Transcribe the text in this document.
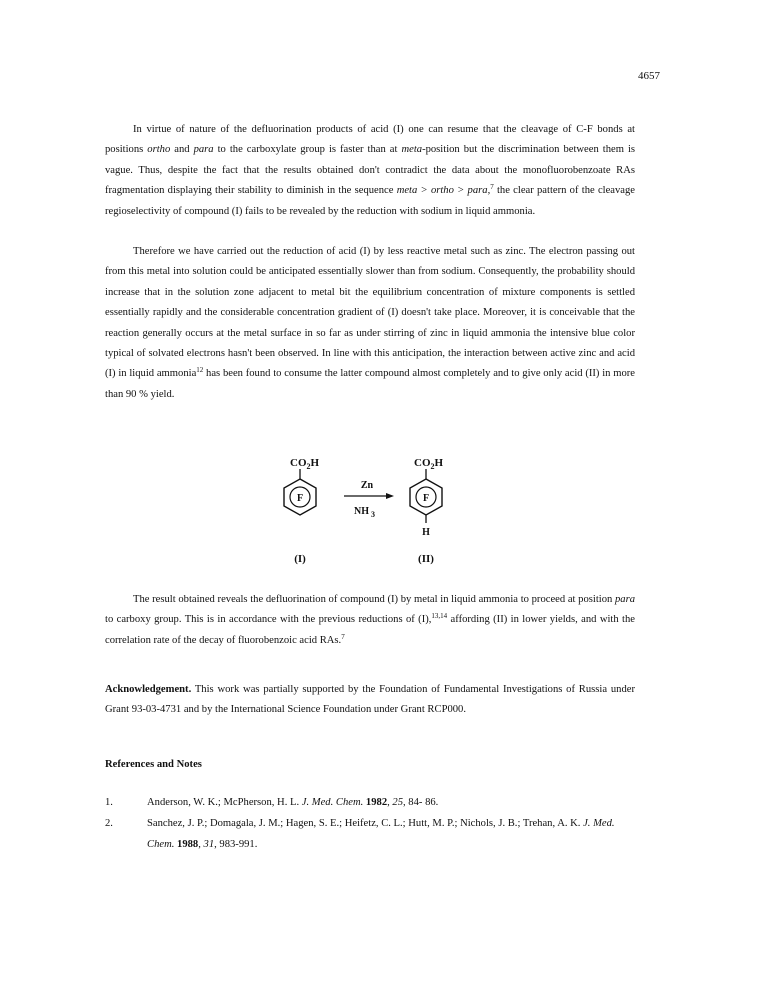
4657

In virtue of nature of the defluorination products of acid (I) one can resume that the cleavage of C-F bonds at positions ortho and para to the carboxylate group is faster than at meta-position but the discrimination between them is vague. Thus, despite the fact that the results obtained don't contradict the data about the monofluorobenzoate RAs fragmentation displaying their stability to diminish in the sequence meta > ortho > para,$^7$ the clear pattern of the cleavage regioselectivity of compound (I) fails to be revealed by the reduction with sodium in liquid ammonia.

Therefore we have carried out the reduction of acid (I) by less reactive metal such as zinc. The electron passing out from this metal into solution could be anticipated essentially slower than from sodium. Consequently, the probability should increase that in the solution zone adjacent to metal bit the equilibrium concentration of mixture components is settled essentially rapidly and the considerable concentration gradient of (I) doesn't take place. Moreover, it is conceivable that the reaction generally occurs at the metal surface in so far as under stirring of zinc in liquid ammonia the intensive blue color typical of solvated electrons hasn't been observed. In line with this anticipation, the interaction between active zinc and acid (I) in liquid ammonia$^{12}$ has been found to consume the latter compound almost completely and to give only acid (II) in more than 90 % yield.

$CO_2H$
F
(I)
Zn
NH $_3$
$CO_2H$
F
H
(II)

The result obtained reveals the defluorination of compound (I) by metal in liquid ammonia to proceed at position para to carboxy group. This is in accordance with the previous reductions of (I),$^{13,14}$ affording (II) in lower yields, and with the correlation rate of the decay of fluorobenzoic acid RAs.$^7$

Acknowledgement. This work was partially supported by the Foundation of Fundamental Investigations of Russia under Grant 93-03-4731 and by the International Science Foundation under Grant RCP000.

References and Notes
1.	Anderson, W. K.; McPherson, H. L. J. Med. Chem. 1982, 25, 84- 86.
2.	Sanchez, J. P.; Domagala, J. M.; Hagen, S. E.; Heifetz, C. L.; Hutt, M. P.; Nichols, J. B.; Trehan, A. K. J. Med. Chem. 1988, 31, 983-991.
